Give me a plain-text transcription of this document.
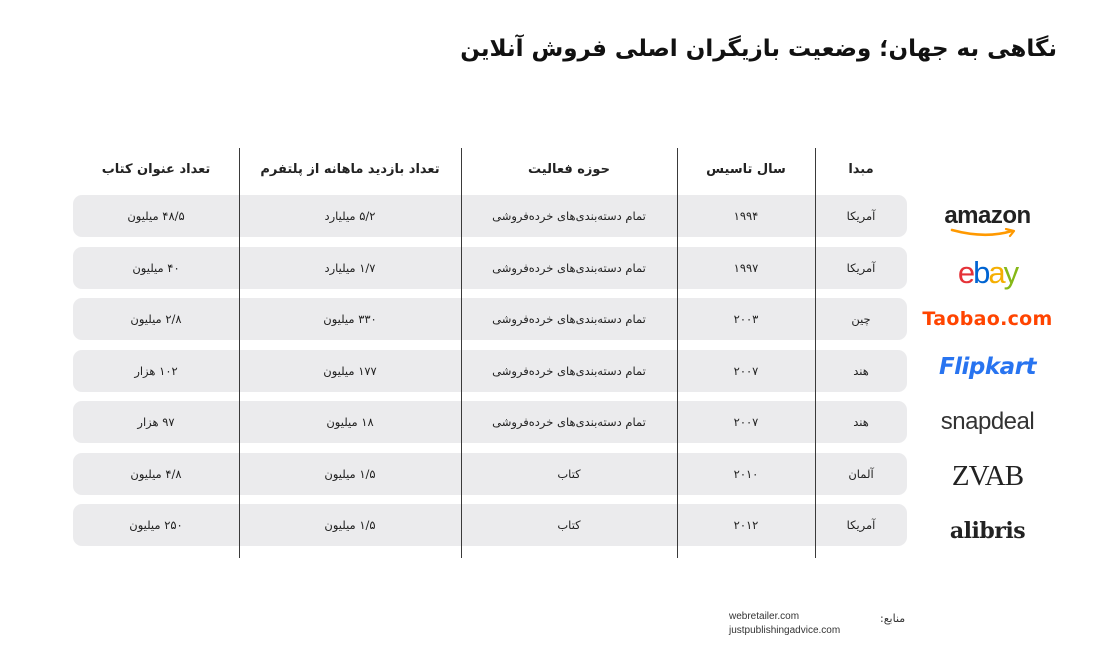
نگاهی به جهان؛ وضعیت بازیگران اصلی فروش آنلاین
مبدا
سال تاسیس
حوزه فعالیت
تعداد بازدید ماهانه از پلتفرم
تعداد عنوان کتاب
amazon
آمریکا
۱۹۹۴
تمام دسته‌بندی‌های خرده‌فروشی
۵/۲ میلیارد
۴۸/۵ میلیون
ebay
آمریکا
۱۹۹۷
تمام دسته‌بندی‌های خرده‌فروشی
۱/۷ میلیارد
۴۰ میلیون
Taobao.com
چین
۲۰۰۳
تمام دسته‌بندی‌های خرده‌فروشی
۳۳۰ میلیون
۲/۸ میلیون
Flipkart
هند
۲۰۰۷
تمام دسته‌بندی‌های خرده‌فروشی
۱۷۷ میلیون
۱۰۲ هزار
snapdeal
هند
۲۰۰۷
تمام دسته‌بندی‌های خرده‌فروشی
۱۸ میلیون
۹۷ هزار
ZVAB
آلمان
۲۰۱۰
کتاب
۱/۵ میلیون
۴/۸ میلیون
alibris
آمریکا
۲۰۱۲
کتاب
۱/۵ میلیون
۲۵۰ میلیون
منابع:
webretailer.com
justpublishingadvice.com
